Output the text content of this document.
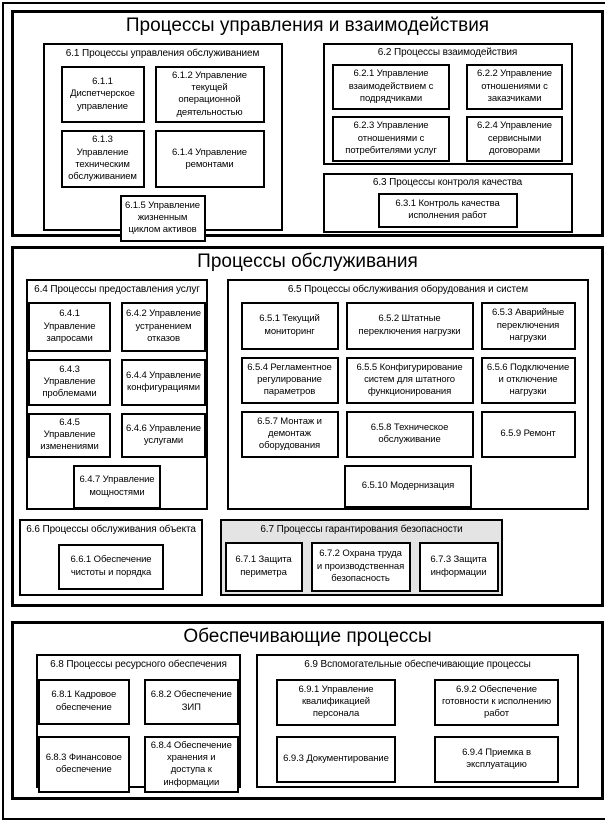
Процессы управления и взаимодействия
6.1 Процессы управления обслуживанием
6.1.1 Диспетчерское управление
6.1.2 Управление текущей операционной деятельностью
6.1.3 Управление техническим обслуживанием
6.1.4 Управление ремонтами
6.1.5 Управление жизненным циклом активов
6.2 Процессы взаимодействия
6.2.1 Управление взаимодействием с подрядчиками
6.2.2 Управление отношениями с заказчиками
6.2.3 Управление отношениями с потребителями услуг
6.2.4 Управление сервисными договорами
6.3 Процессы контроля качества
6.3.1 Контроль качества исполнения работ
Процессы обслуживания
6.4 Процессы предоставления услуг
6.4.1 Управление запросами
6.4.2 Управление устранением отказов
6.4.3 Управление проблемами
6.4.4 Управление конфигурациями
6.4.5 Управление изменениями
6.4.6 Управление услугами
6.4.7 Управление мощностями
6.5 Процессы обслуживания оборудования и систем
6.5.1 Текущий мониторинг
6.5.2 Штатные переключения нагрузки
6.5.3 Аварийные переключения нагрузки
6.5.4 Регламентное регулирование параметров
6.5.5 Конфигурирование систем для штатного функционирования
6.5.6 Подключение и отключение нагрузки
6.5.7 Монтаж и демонтаж оборудования
6.5.8 Техническое обслуживание
6.5.9 Ремонт
6.5.10 Модернизация
6.6 Процессы обслуживания объекта
6.6.1 Обеспечение чистоты и порядка
6.7 Процессы гарантирования безопасности
6.7.1 Защита периметра
6.7.2 Охрана труда и производственная безопасность
6.7.3 Защита информации
Обеспечивающие процессы
6.8 Процессы ресурсного обеспечения
6.8.1 Кадровое обеспечение
6.8.2 Обеспечение ЗИП
6.8.3 Финансовое обеспечение
6.8.4 Обеспечение хранения и доступа к информации
6.9 Вспомогательные обеспечивающие процессы
6.9.1 Управление квалификацией персонала
6.9.2 Обеспечение готовности к исполнению работ
6.9.3 Документирование
6.9.4 Приемка в эксплуатацию
